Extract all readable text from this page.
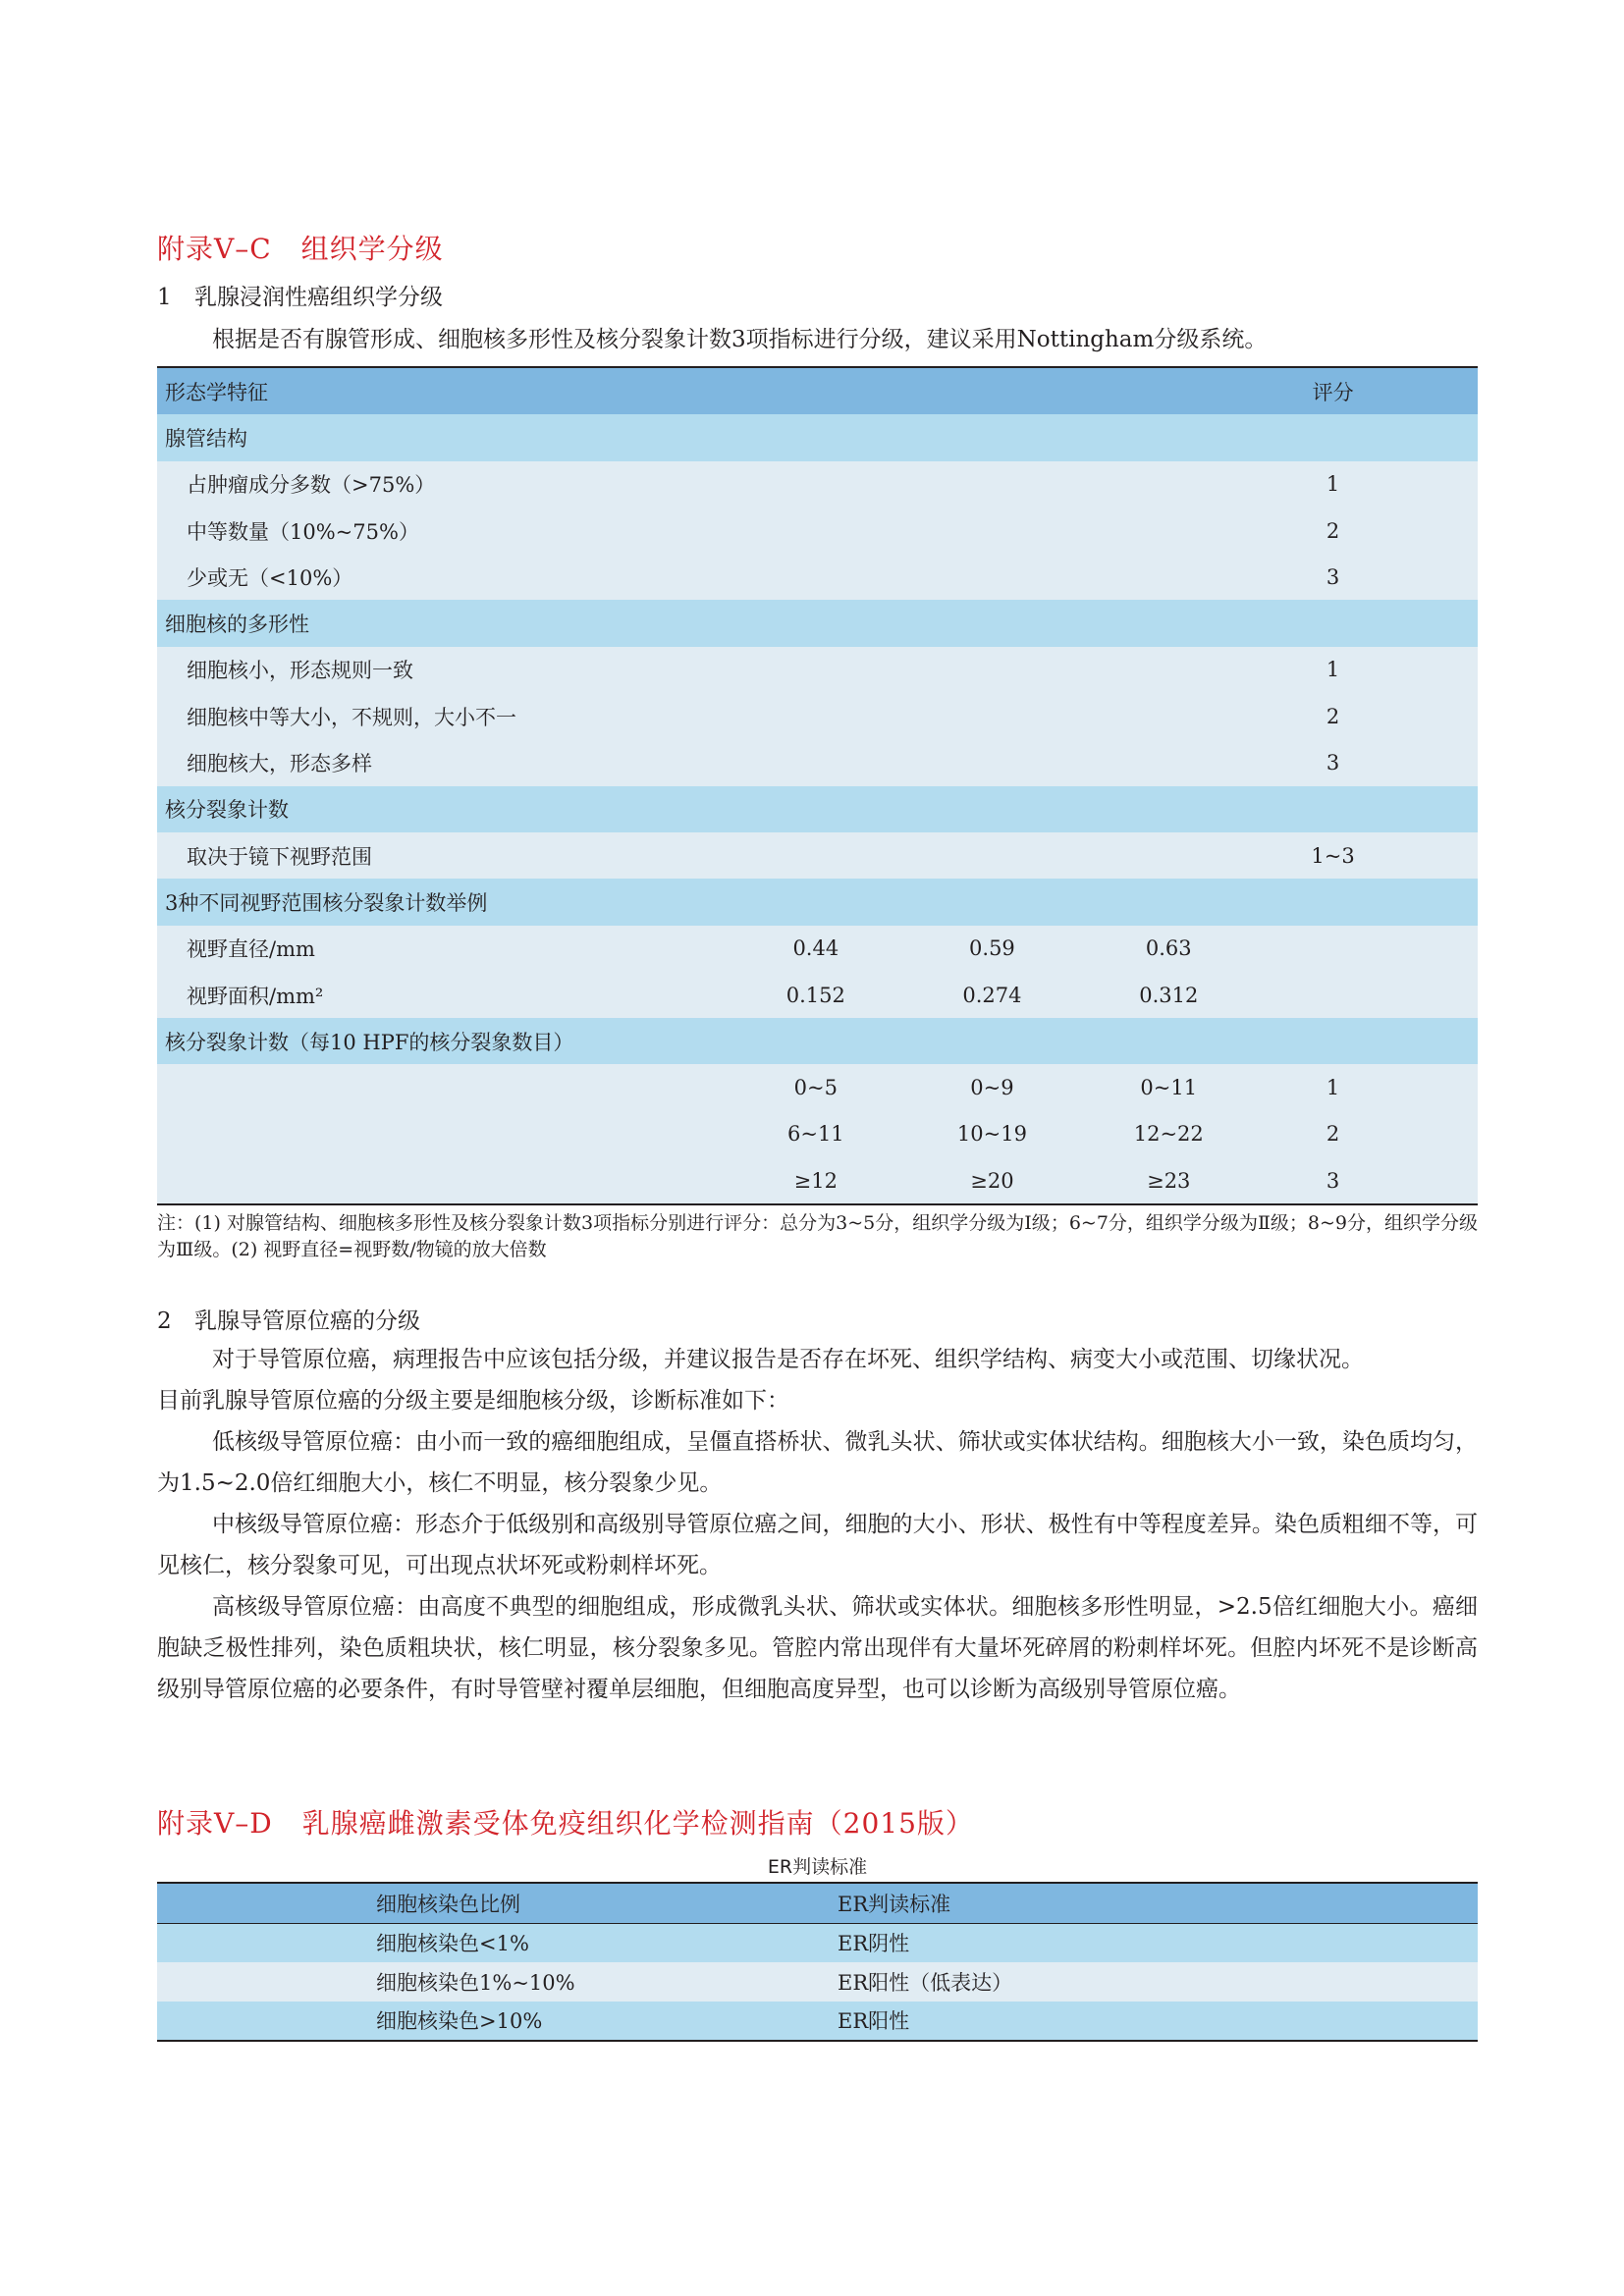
附录V–C 组织学分级
1 乳腺浸润性癌组织学分级

根据是否有腺管形成、细胞核多形性及核分裂象计数3项指标进行分级，建议采用Nottingham分级系统。

形态学特征				评分
腺管结构				
占肿瘤成分多数（>75%）				1
中等数量（10%~75%）				2
少或无（<10%）				3
细胞核的多形性				
细胞核小，形态规则一致				1
细胞核中等大小，不规则，大小不一				2
细胞核大，形态多样				3
核分裂象计数				
取决于镜下视野范围				1~3
3种不同视野范围核分裂象计数举例				
视野直径/mm	0.44	0.59	0.63	
视野面积/mm²	0.152	0.274	0.312	
核分裂象计数（每10 HPF的核分裂象数目）				
	0~5	0~9	0~11	1
	6~11	10~19	12~22	2
	≥12	≥20	≥23	3
注：(1) 对腺管结构、细胞核多形性及核分裂象计数3项指标分别进行评分：总分为3~5分，组织学分级为Ⅰ级；6~7分，组织学分级为Ⅱ级；8~9分，组织学分级为Ⅲ级。(2) 视野直径=视野数/物镜的放大倍数
2 乳腺导管原位癌的分级

对于导管原位癌，病理报告中应该包括分级，并建议报告是否存在坏死、组织学结构、病变大小或范围、切缘状况。

目前乳腺导管原位癌的分级主要是细胞核分级，诊断标准如下：

低核级导管原位癌：由小而一致的癌细胞组成，呈僵直搭桥状、微乳头状、筛状或实体状结构。细胞核大小一致，染色质均匀，为1.5~2.0倍红细胞大小，核仁不明显，核分裂象少见。

中核级导管原位癌：形态介于低级别和高级别导管原位癌之间，细胞的大小、形状、极性有中等程度差异。染色质粗细不等，可见核仁，核分裂象可见，可出现点状坏死或粉刺样坏死。

高核级导管原位癌：由高度不典型的细胞组成，形成微乳头状、筛状或实体状。细胞核多形性明显，>2.5倍红细胞大小。癌细胞缺乏极性排列，染色质粗块状，核仁明显，核分裂象多见。管腔内常出现伴有大量坏死碎屑的粉刺样坏死。但腔内坏死不是诊断高级别导管原位癌的必要条件，有时导管壁衬覆单层细胞，但细胞高度异型，也可以诊断为高级别导管原位癌。

附录V–D 乳腺癌雌激素受体免疫组织化学检测指南（2015版）
ER判读标准
细胞核染色比例	ER判读标准
细胞核染色<1%	ER阴性
细胞核染色1%~10%	ER阳性（低表达）
细胞核染色>10%	ER阳性
